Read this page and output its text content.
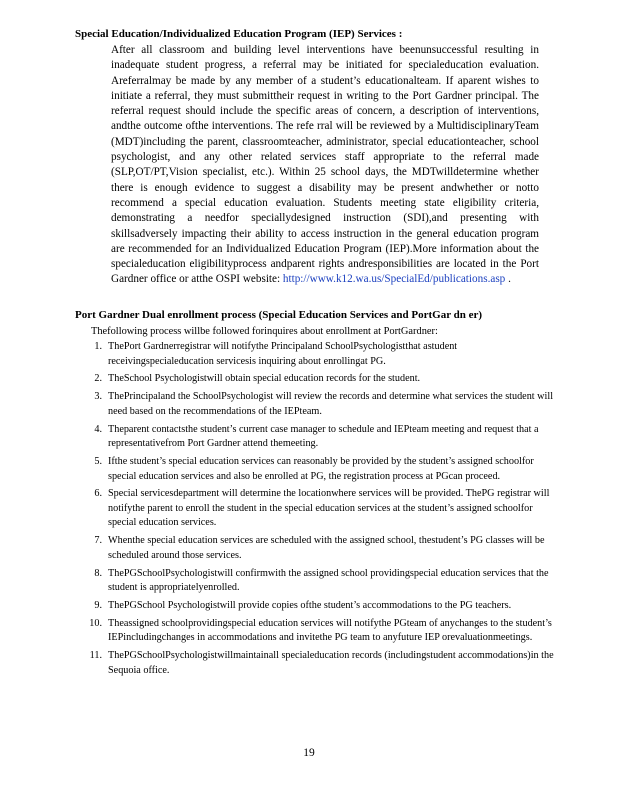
Special Education/Individualized Education Program (IEP) Services :
After all classroom and building level interventions have beenunsuccessful resulting in inadequate student progress, a referral may be initiated for specialeducation evaluation. Areferralmay be made by any member of a student’s educationalteam. If aparent wishes to initiate a referral, they must submittheir request in writing to the Port Gardner principal. The referral request should include the specific areas of concern, a description of interventions, andthe outcome ofthe interventions. The refe rral will be reviewed by a MultidisciplinaryTeam (MDT)including the parent, classroomteacher, administrator, special educationteacher, school psychologist, and any other related services staff appropriate to the referral made (SLP,OT/PT,Vision specialist, etc.). Within 25 school days, the MDTwilldetermine whether there is enough evidence to suggest a disability may be present andwhether or notto recommend a special education evaluation. Students meeting state eligibility criteria, demonstrating a needfor speciallydesigned instruction (SDI),and presenting with skillsadversely impacting their ability to access instruction in the general education program are recommended for an Individualized Education Program (IEP).More information about the specialeducation eligibilityprocess andparent rights andresponsibilities are located in the Port Gardner office or atthe OSPI website: http://www.k12.wa.us/SpecialEd/publications.asp .
Port Gardner Dual enrollment process (Special Education Services and PortGar dn er)
Thefollowing process willbe followed forinquires about enrollment at PortGardner:
1. ThePort Gardnerregistrar will notifythe Principaland SchoolPsychologistthat astudent receivingspecialeducation servicesis inquiring about enrollingat PG.
2. TheSchool Psychologistwill obtain special education records for the student.
3. ThePrincipaland the SchoolPsychologist will review the records and determine what services the student will need based on the recommendations of the IEPteam.
4. Theparent contactsthe student’s current case manager to schedule and IEPteam meeting and request that a representativefrom Port Gardner attend themeeting.
5. Ifthe student’s special education services can reasonably be provided by the student’s assigned schoolfor special education services and also be enrolled at PG, the registration process at PGcan proceed.
6. Special servicesdepartment will determine the locationwhere services will be provided. ThePG registrar will notifythe parent to enroll the student in the special education services at the student’s assigned schoolfor special education services.
7. Whenthe special education services are scheduled with the assigned school, thestudent’s PG classes will be scheduled around those services.
8. ThePGSchoolPsychologistwill confirmwith the assigned school providingspecial education services that the student is appropriatelyenrolled.
9. ThePGSchool Psychologistwill provide copies ofthe student’s accommodations to the PG teachers.
10. Theassigned schoolprovidingspecial education services will notifythe PGteam of anychanges to the student’s IEPincludingchanges in accommodations and invitethe PG team to anyfuture IEP orevaluationmeetings.
11. ThePGSchoolPsychologistwillmaintainall specialeducation records (includingstudent accommodations)in the Sequoia office.
19
